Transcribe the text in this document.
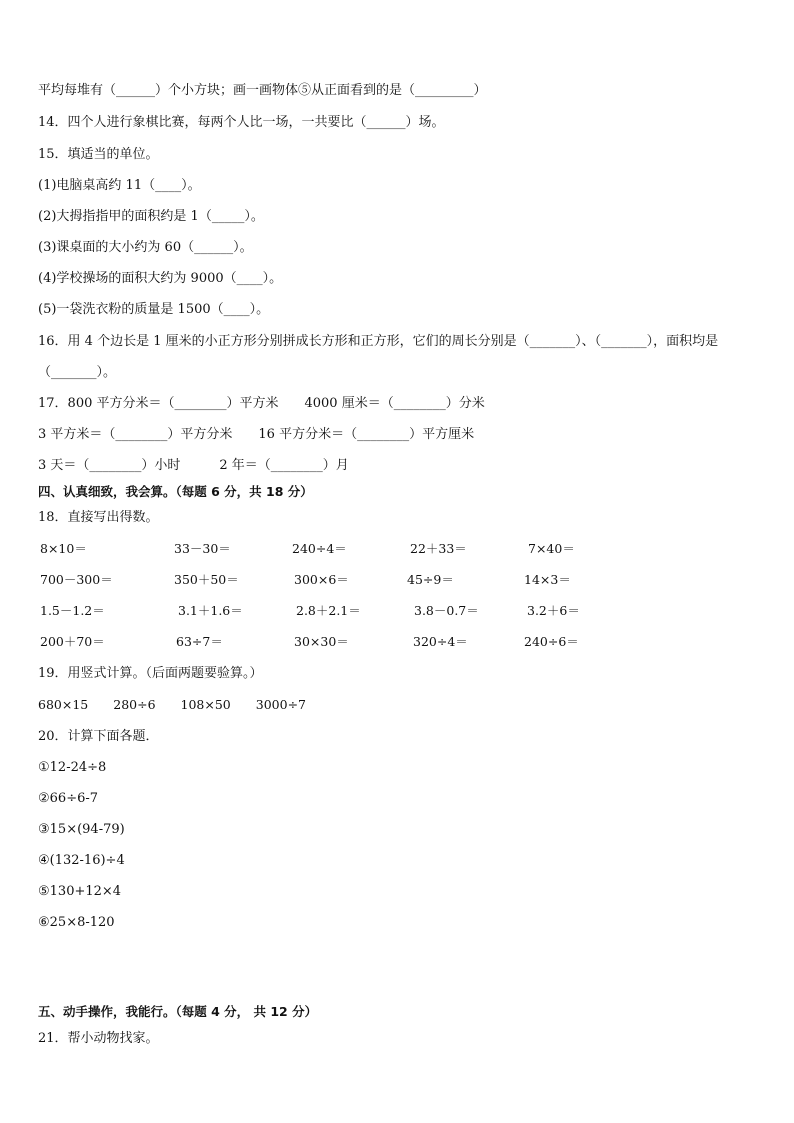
平均每堆有（______）个小方块；画一画物体⑤从正面看到的是（_________）
14．四个人进行象棋比赛，每两个人比一场，一共要比（______）场。
15．填适当的单位。
(1)电脑桌高约 11（____）。
(2)大拇指指甲的面积约是 1（_____）。
(3)课桌面的大小约为 60（______）。
(4)学校操场的面积大约为 9000（____）。
(5)一袋洗衣粉的质量是 1500（____）。
16．用 4 个边长是 1 厘米的小正方形分别拼成长方形和正方形，它们的周长分别是（_______）、（_______），面积均是（_______）。
17．800 平方分米＝（________）平方米　　4000 厘米＝（________）分米
3 平方米＝（________）平方分米　　16 平方分米＝（________）平方厘米
3 天＝（________）小时　　　2 年＝（________）月
四、认真细致，我会算。（每题 6 分，共 18 分）
18．直接写出得数。
8×10＝	33－30＝	240÷4＝	22＋33＝	7×40＝
700－300＝	350＋50＝	300×6＝	45÷9＝	14×3＝
1.5－1.2＝	3.1＋1.6＝	2.8＋2.1＝	3.8－0.7＝	3.2＋6＝
200＋70＝	63÷7＝	30×30＝	320÷4＝	240÷6＝
19．用竖式计算。（后面两题要验算。）
680×15　　280÷6　　108×50　　3000÷7
20．计算下面各题．
①12-24÷8
②66÷6-7
③15×(94-79)
④(132-16)÷4
⑤130+12×4
⑥25×8-120
五、动手操作，我能行。（每题 4 分， 共 12 分）
21．帮小动物找家。
